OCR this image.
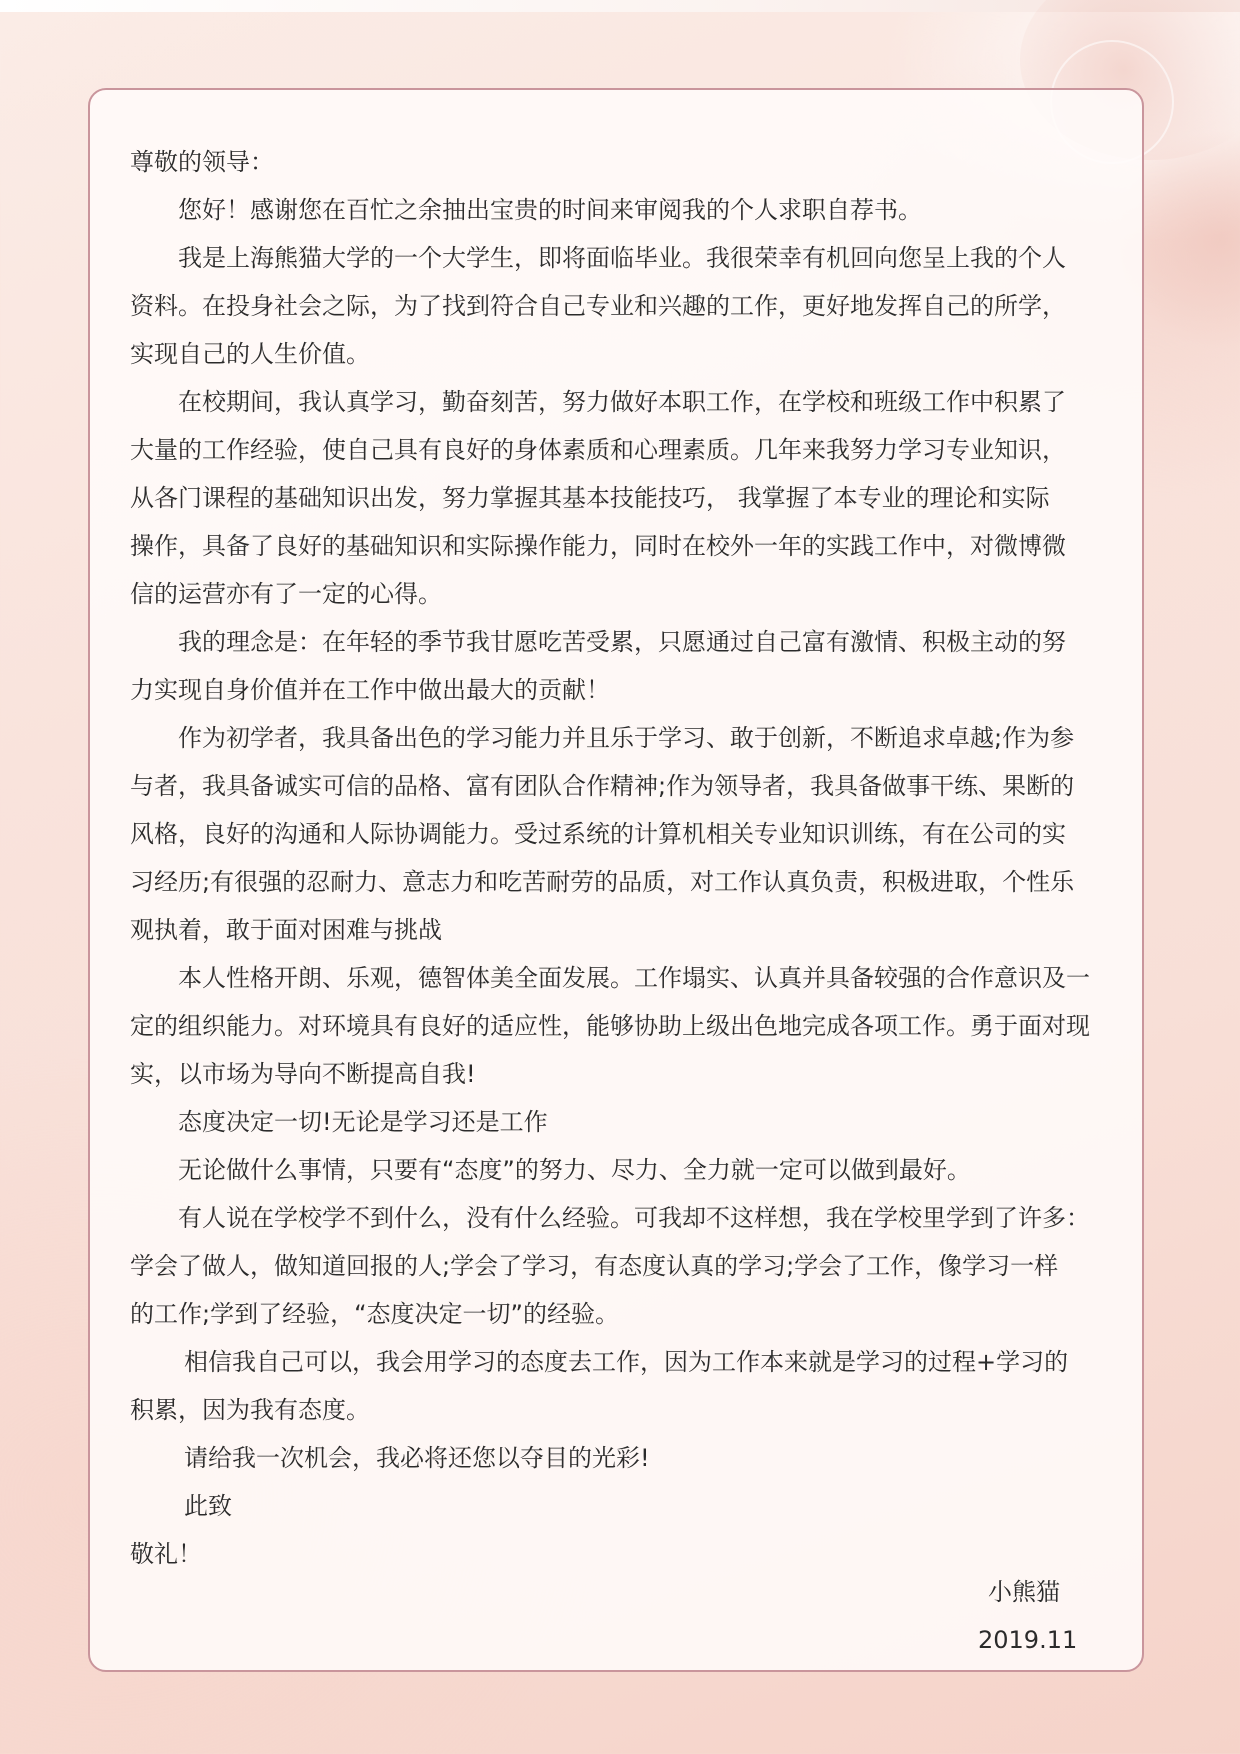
尊敬的领导：

您好！感谢您在百忙之余抽出宝贵的时间来审阅我的个人求职自荐书。

我是上海熊猫大学的一个大学生，即将面临毕业。我很荣幸有机回向您呈上我的个人

资料。在投身社会之际，为了找到符合自己专业和兴趣的工作，更好地发挥自己的所学，

实现自己的人生价值。

在校期间，我认真学习，勤奋刻苦，努力做好本职工作，在学校和班级工作中积累了

大量的工作经验，使自己具有良好的身体素质和心理素质。几年来我努力学习专业知识，

从各门课程的基础知识出发，努力掌握其基本技能技巧， 我掌握了本专业的理论和实际

操作，具备了良好的基础知识和实际操作能力，同时在校外一年的实践工作中，对微博微

信的运营亦有了一定的心得。

我的理念是：在年轻的季节我甘愿吃苦受累，只愿通过自己富有激情、积极主动的努

力实现自身价值并在工作中做出最大的贡献！

作为初学者，我具备出色的学习能力并且乐于学习、敢于创新，不断追求卓越;作为参

与者，我具备诚实可信的品格、富有团队合作精神;作为领导者，我具备做事干练、果断的

风格，良好的沟通和人际协调能力。受过系统的计算机相关专业知识训练，有在公司的实

习经历;有很强的忍耐力、意志力和吃苦耐劳的品质，对工作认真负责，积极进取，个性乐

观执着，敢于面对困难与挑战

本人性格开朗、乐观，德智体美全面发展。工作塌实、认真并具备较强的合作意识及一

定的组织能力。对环境具有良好的适应性，能够协助上级出色地完成各项工作。勇于面对现

实，以市场为导向不断提高自我!

态度决定一切!无论是学习还是工作

无论做什么事情，只要有“态度”的努力、尽力、全力就一定可以做到最好。

有人说在学校学不到什么，没有什么经验。可我却不这样想，我在学校里学到了许多：

学会了做人，做知道回报的人;学会了学习，有态度认真的学习;学会了工作，像学习一样

的工作;学到了经验，“态度决定一切”的经验。

相信我自己可以，我会用学习的态度去工作，因为工作本来就是学习的过程+学习的

积累，因为我有态度。

请给我一次机会，我必将还您以夺目的光彩!

此致

敬礼！

小熊猫
2019.11
